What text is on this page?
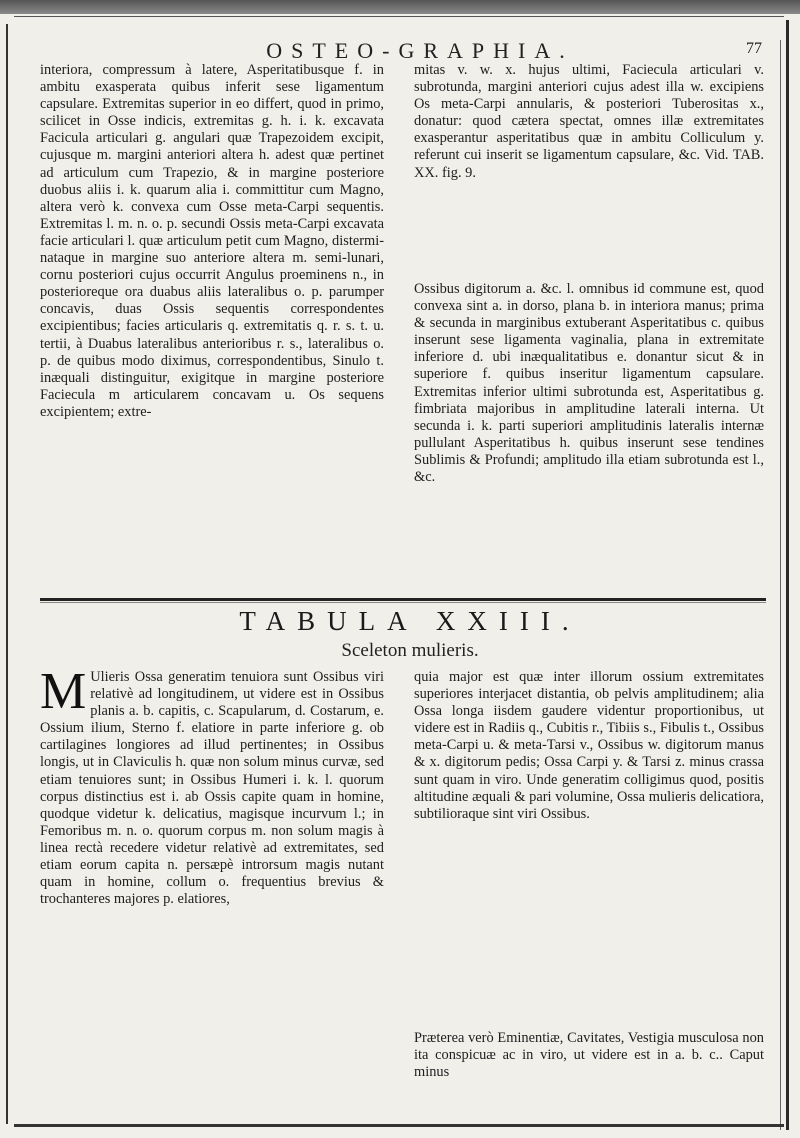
OSTEO-GRAPHIA.	77

interiora, compressum à latere, Asperitatibusque f. in ambitu exasperata quibus inferit sese ligamentum capsulare. Extremitas superior in eo differt, quod in primo, scilicet in Osse indicis, extremitas g. h. i. k. excavata Facicula articulari g. angulari quæ Trapezoidem excipit, cujusque m. margini anteriori altera h. adest quæ pertinet ad articulum cum Trapezio, & in margine posteriore duobus aliis i. k. quarum alia i. committitur cum Magno, altera verò k. convexa cum Osse meta-Carpi sequentis. Extremitas l. m. n. o. p. secundi Ossis meta-Carpi excavata facie articulari l. quæ articulum petit cum Magno, distermi-nataque in margine suo anteriore altera m. semi-lunari, cornu posteriori cujus occurrit Angulus proeminens n., in posterioreque ora duabus aliis lateralibus o. p. parumper concavis, duas Ossis sequentis correspondentes excipientibus; facies articularis q. extremitatis q. r. s. t. u. tertii, à Duabus lateralibus anterioribus r. s., lateralibus o. p. de quibus modo diximus, correspondentibus, Sinulo t. inæquali distinguitur, exigitque in margine posteriore Faciecula m articularem concavam u. Os sequens excipientem; extre-

mitas v. w. x. hujus ultimi, Faciecula articulari v. subrotunda, margini anteriori cujus adest illa w. excipiens Os meta-Carpi annularis, & posteriori Tuberositas x., donatur: quod cætera spectat, omnes illæ extremitates exasperantur asperitatibus quæ in ambitu Colliculum y. referunt cui inserit se ligamentum capsulare, &c. Vid. TAB. XX. fig. 9.

Ossibus digitorum a. &c. l. omnibus id commune est, quod convexa sint a. in dorso, plana b. in interiora manus; prima & secunda in marginibus extuberant Asperitatibus c. quibus inserunt sese ligamenta vaginalia, plana in extremitate inferiore d. ubi inæqualitatibus e. donantur sicut & in superiore f. quibus inseritur ligamentum capsulare. Extremitas inferior ultimi subrotunda est, Asperitatibus g. fimbriata majoribus in amplitudine laterali interna. Ut secunda i. k. parti superiori amplitudinis lateralis internæ pullulant Asperitatibus h. quibus inserunt sese tendines Sublimis & Profundi; amplitudo illa etiam subrotunda est l., &c.

TABULA XXIII.
Sceleton mulieris.

M Ulieris Ossa generatim tenuiora sunt Ossibus viri relativè ad longitudinem, ut videre est in Ossibus planis a. b. capitis, c. Scapularum, d. Costarum, e. Ossium ilium, Sterno f. elatiore in parte inferiore g. ob cartilagines longiores ad illud pertinentes; in Ossibus longis, ut in Claviculis h. quæ non solum minus curvæ, sed etiam tenuiores sunt; in Ossibus Humeri i. k. l. quorum corpus distinctius est i. ab Ossis capite quam in homine, quodque videtur k. delicatius, magisque incurvum l.; in Femoribus m. n. o. quorum corpus m. non solum magis à linea rectà recedere videtur relativè ad extremitates, sed etiam eorum capita n. persæpè introrsum magis nutant quam in homine, collum o. frequentius brevius & trochanteres majores p. elatiores,

quia major est quæ inter illorum ossium extremitates superiores interjacet distantia, ob pelvis amplitudinem; alia Ossa longa iisdem gaudere videntur proportionibus, ut videre est in Radiis q., Cubitis r., Tibiis s., Fibulis t., Ossibus meta-Carpi u. & meta-Tarsi v., Ossibus w. digitorum manus & x. digitorum pedis; Ossa Carpi y. & Tarsi z. minus crassa sunt quam in viro. Unde generatim colligimus quod, positis altitudine æquali & pari volumine, Ossa mulieris delicatiora, subtilioraque sint viri Ossibus.

Præterea verò Eminentiæ, Cavitates, Vestigia musculosa non ita conspicuæ ac in viro, ut videre est in a. b. c.. Caput minus
